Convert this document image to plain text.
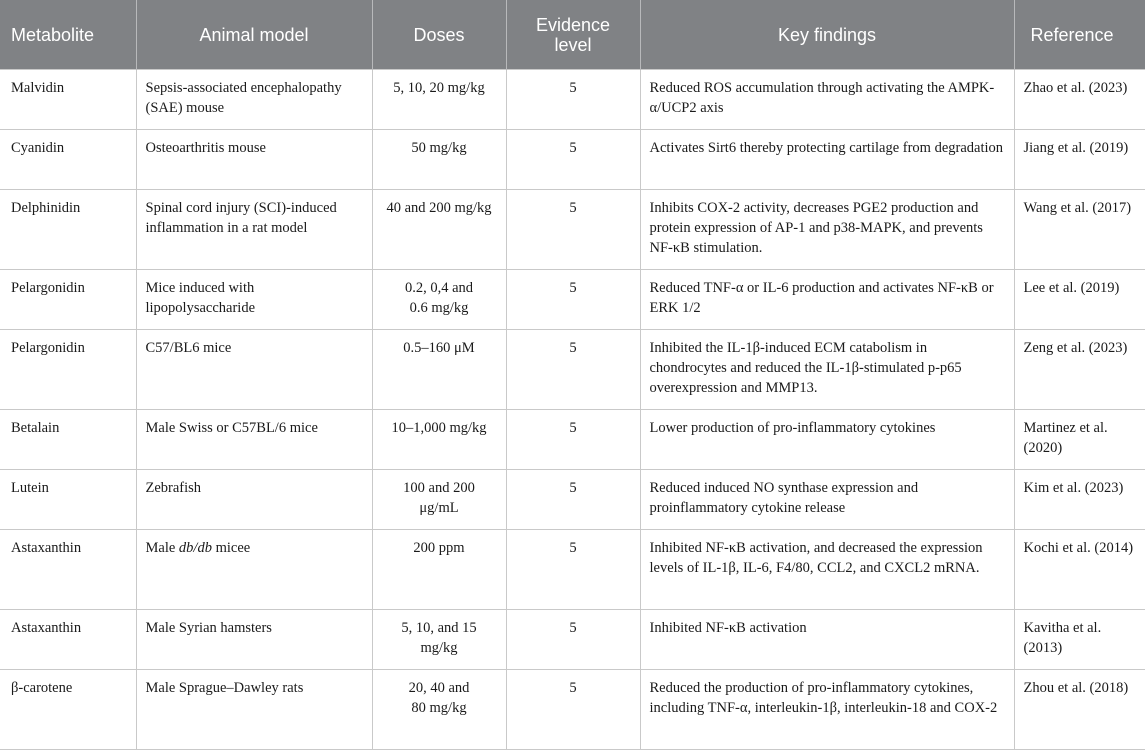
Metabolite	Animal model	Doses	Evidence level	Key findings	Reference
Malvidin	Sepsis-associated encephalopathy (SAE) mouse	5, 10, 20 mg/kg	5	Reduced ROS accumulation through activating the AMPK-α/UCP2 axis	Zhao et al. (2023)
Cyanidin	Osteoarthritis mouse	50 mg/kg	5	Activates Sirt6 thereby protecting cartilage from degradation	Jiang et al. (2019)
Delphinidin	Spinal cord injury (SCI)-induced inflammation in a rat model	40 and 200 mg/kg	5	Inhibits COX-2 activity, decreases PGE2 production and protein expression of AP-1 and p38-MAPK, and prevents NF-κB stimulation.	Wang et al. (2017)
Pelargonidin	Mice induced with lipopolysaccharide	0.2, 0,4 and 0.6 mg/kg	5	Reduced TNF-α or IL-6 production and activates NF-κB or ERK 1/2	Lee et al. (2019)
Pelargonidin	C57/BL6 mice	0.5–160 μM	5	Inhibited the IL-1β-induced ECM catabolism in chondrocytes and reduced the IL-1β-stimulated p-p65 overexpression and MMP13.	Zeng et al. (2023)
Betalain	Male Swiss or C57BL/6 mice	10–1,000 mg/kg	5	Lower production of pro-inflammatory cytokines	Martinez et al. (2020)
Lutein	Zebrafish	100 and 200 μg/mL	5	Reduced induced NO synthase expression and proinflammatory cytokine release	Kim et al. (2023)
Astaxanthin	Male db/db micee	200 ppm	5	Inhibited NF-κB activation, and decreased the expression levels of IL-1β, IL-6, F4/80, CCL2, and CXCL2 mRNA.	Kochi et al. (2014)
Astaxanthin	Male Syrian hamsters	5, 10, and 15 mg/kg	5	Inhibited NF-κB activation	Kavitha et al. (2013)
β-carotene	Male Sprague–Dawley rats	20, 40 and 80 mg/kg	5	Reduced the production of pro-inflammatory cytokines, including TNF-α, interleukin-1β, interleukin-18 and COX-2	Zhou et al. (2018)
